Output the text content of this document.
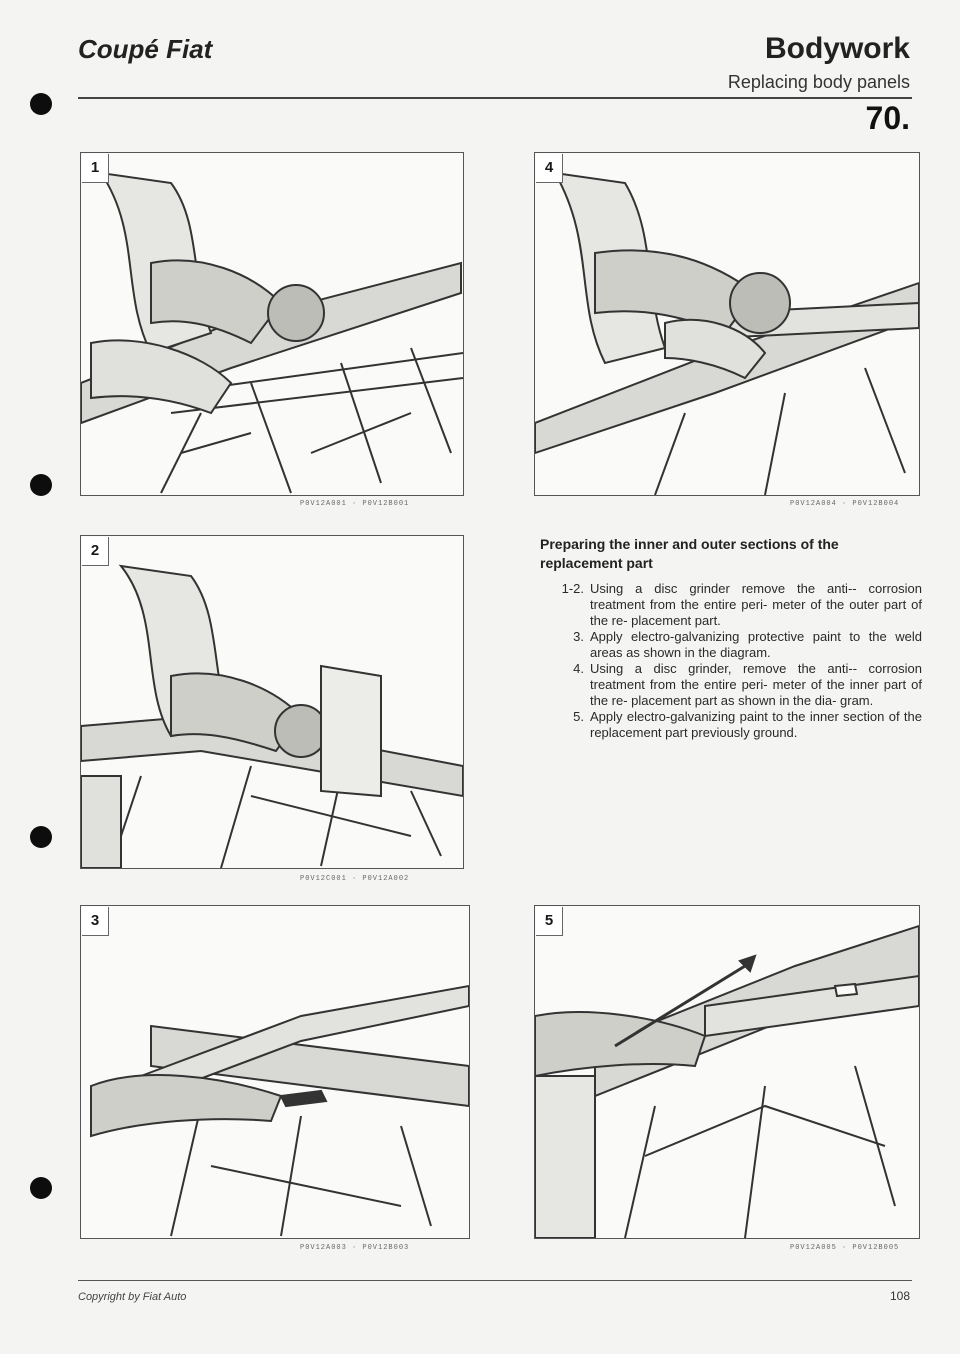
Coupé Fiat	Bodywork
Replacing body panels
70.
1
P0V12A001 · P0V12B001
2
P0V12C001 · P0V12A002
3
P0V12A003 · P0V12B003
4
P0V12A004 · P0V12B004
Preparing the inner and outer sections of the replacement part
1-2. Using a disc grinder remove the anti-- corrosion treatment from the entire peri- meter of the outer part of the re- placement part.
3. Apply electro-galvanizing protective paint to the weld areas as shown in the diagram.
4. Using a disc grinder, remove the anti-- corrosion treatment from the entire peri- meter of the inner part of the re- placement part as shown in the dia- gram.
5. Apply electro-galvanizing paint to the inner section of the replacement part previously ground.
5
P0V12A005 · P0V12B005
Copyright by Fiat Auto	108
